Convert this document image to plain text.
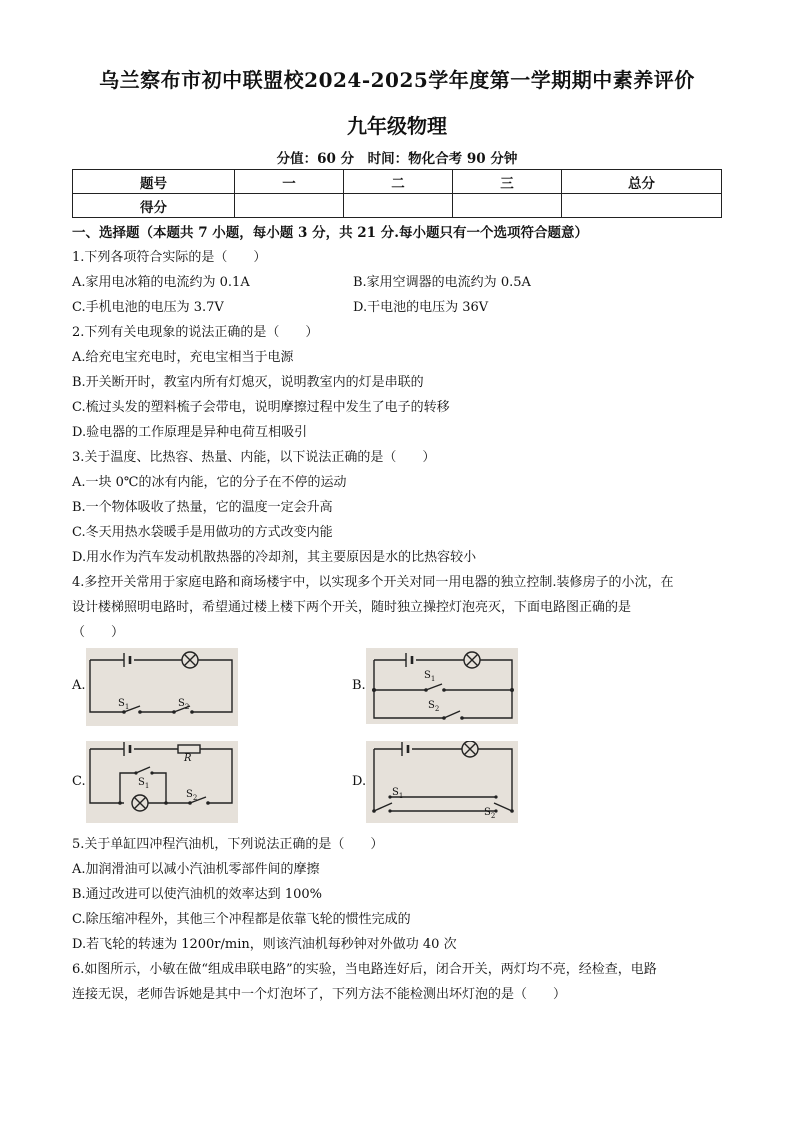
乌兰察布市初中联盟校2024-2025学年度第一学期期中素养评价
九年级物理
分值：60 分　时间：物化合考 90 分钟
题号	一	二	三	总分
得分				
一、选择题（本题共 7 小题，每小题 3 分，共 21 分.每小题只有一个选项符合题意）
1.下列各项符合实际的是（　　）
A.家用电冰箱的电流约为 0.1A	B.家用空调器的电流约为 0.5A
C.手机电池的电压为 3.7V	D.干电池的电压为 36V
2.下列有关电现象的说法正确的是（　　）
A.给充电宝充电时，充电宝相当于电源
B.开关断开时，教室内所有灯熄灭，说明教室内的灯是串联的
C.梳过头发的塑料梳子会带电，说明摩擦过程中发生了电子的转移
D.验电器的工作原理是异种电荷互相吸引
3.关于温度、比热容、热量、内能，以下说法正确的是（　　）
A.一块 0℃的冰有内能，它的分子在不停的运动
B.一个物体吸收了热量，它的温度一定会升高
C.冬天用热水袋暖手是用做功的方式改变内能
D.用水作为汽车发动机散热器的冷却剂，其主要原因是水的比热容较小
4.多控开关常用于家庭电路和商场楼宇中，以实现多个开关对同一用电器的独立控制.装修房子的小沈，在
设计楼梯照明电路时，希望通过楼上楼下两个开关，随时独立操控灯泡亮灭，下面电路图正确的是
（　　）
A.
$S_1$	$S_2$
B.
$S_1$
$S_2$
C.
R
$S_1$
$S_2$
D.
$S_1$
$S_2$
5.关于单缸四冲程汽油机，下列说法正确的是（　　）
A.加润滑油可以减小汽油机零部件间的摩擦
B.通过改进可以使汽油机的效率达到 100%
C.除压缩冲程外，其他三个冲程都是依靠飞轮的惯性完成的
D.若飞轮的转速为 1200r/min，则该汽油机每秒钟对外做功 40 次
6.如图所示，小敏在做“组成串联电路”的实验，当电路连好后，闭合开关，两灯均不亮，经检查，电路
连接无误，老师告诉她是其中一个灯泡坏了，下列方法不能检测出坏灯泡的是（　　）
